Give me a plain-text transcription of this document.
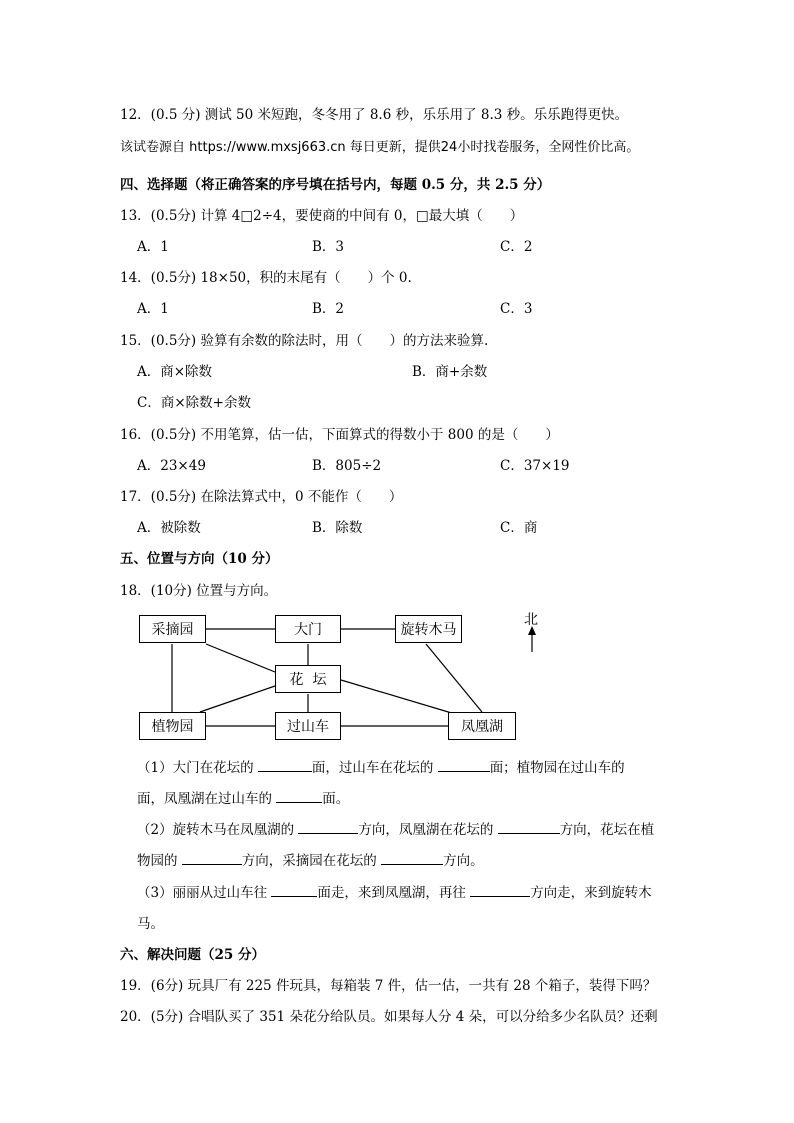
12．(0.5 分) 测试 50 米短跑，冬冬用了 8.6 秒，乐乐用了 8.3 秒。乐乐跑得更快。
该试卷源自 https://www.mxsj663.cn 每日更新，提供24小时找卷服务，全网性价比高。
四、选择题（将正确答案的序号填在括号内，每题 0.5 分，共 2.5 分）
13．(0.5分) 计算 4□2÷4，要使商的中间有 0，□最大填（　　）
A．1	B．3	C．2
14．(0.5分) 18×50，积的末尾有（　　）个 0.
A．1	B．2	C．3
15．(0.5分) 验算有余数的除法时，用（　　）的方法来验算.
A．商×除数	B．商+余数
C．商×除数+余数
16．(0.5分) 不用笔算，估一估，下面算式的得数小于 800 的是（　　）
A．23×49	B．805÷2	C．37×19
17．(0.5分) 在除法算式中，0 不能作（　　）
A．被除数	B．除数	C．商
五、位置与方向（10 分）
18．(10分) 位置与方向。
采摘园	大门	旋转木马
花  坛
植物园	过山车	凤凰湖
北
（1）大门在花坛的	面，过山车在花坛的	面；植物园在过山车的
面，凤凰湖在过山车的	面。
（2）旋转木马在凤凰湖的	方向，凤凰湖在花坛的	方向，花坛在植
物园的	方向，采摘园在花坛的	方向。
（3）丽丽从过山车往	面走，来到凤凰湖，再往	方向走，来到旋转木
马。
六、解决问题（25 分）
19．(6分) 玩具厂有 225 件玩具，每箱装 7 件，估一估，一共有 28 个箱子，装得下吗？
20．(5分) 合唱队买了 351 朵花分给队员。如果每人分 4 朵，可以分给多少名队员？还剩
